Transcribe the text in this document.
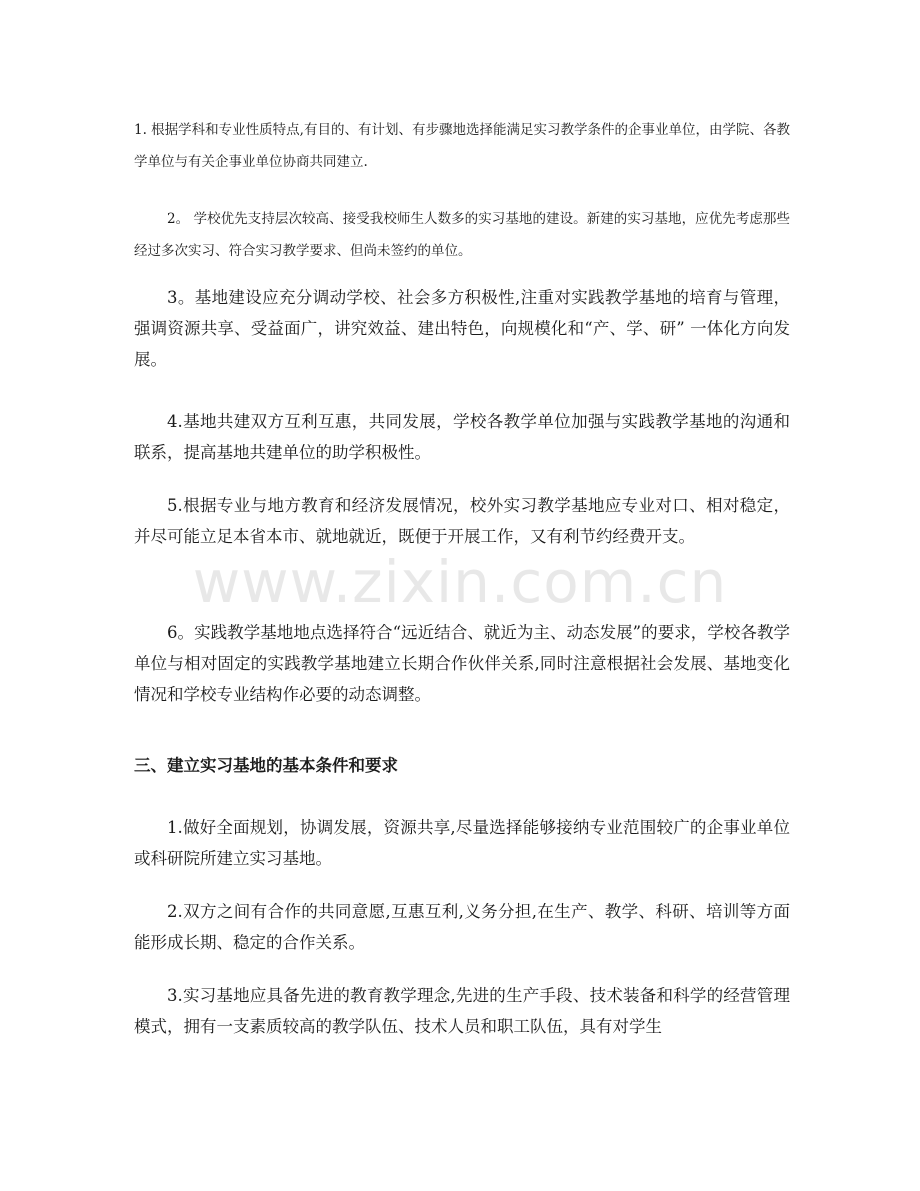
1. 根据学科和专业性质特点,有目的、有计划、有步骤地选择能满足实习教学条件的企事业单位，由学院、各教学单位与有关企事业单位协商共同建立.

2。 学校优先支持层次较高、接受我校师生人数多的实习基地的建设。新建的实习基地，应优先考虑那些经过多次实习、符合实习教学要求、但尚未签约的单位。

3。基地建设应充分调动学校、社会多方积极性,注重对实践教学基地的培育与管理，强调资源共享、受益面广，讲究效益、建出特色，向规模化和“产、学、研” 一体化方向发展。

4.基地共建双方互利互惠，共同发展，学校各教学单位加强与实践教学基地的沟通和联系，提高基地共建单位的助学积极性。

5.根据专业与地方教育和经济发展情况，校外实习教学基地应专业对口、相对稳定，并尽可能立足本省本市、就地就近，既便于开展工作，又有利节约经费开支。

6。实践教学基地地点选择符合“远近结合、就近为主、动态发展”的要求，学校各教学单位与相对固定的实践教学基地建立长期合作伙伴关系,同时注意根据社会发展、基地变化情况和学校专业结构作必要的动态调整。

三、建立实习基地的基本条件和要求

1.做好全面规划，协调发展，资源共享,尽量选择能够接纳专业范围较广的企事业单位或科研院所建立实习基地。

2.双方之间有合作的共同意愿,互惠互利,义务分担,在生产、教学、科研、培训等方面能形成长期、稳定的合作关系。

3.实习基地应具备先进的教育教学理念,先进的生产手段、技术装备和科学的经营管理模式，拥有一支素质较高的教学队伍、技术人员和职工队伍，具有对学生

www.zixin.com.cn
